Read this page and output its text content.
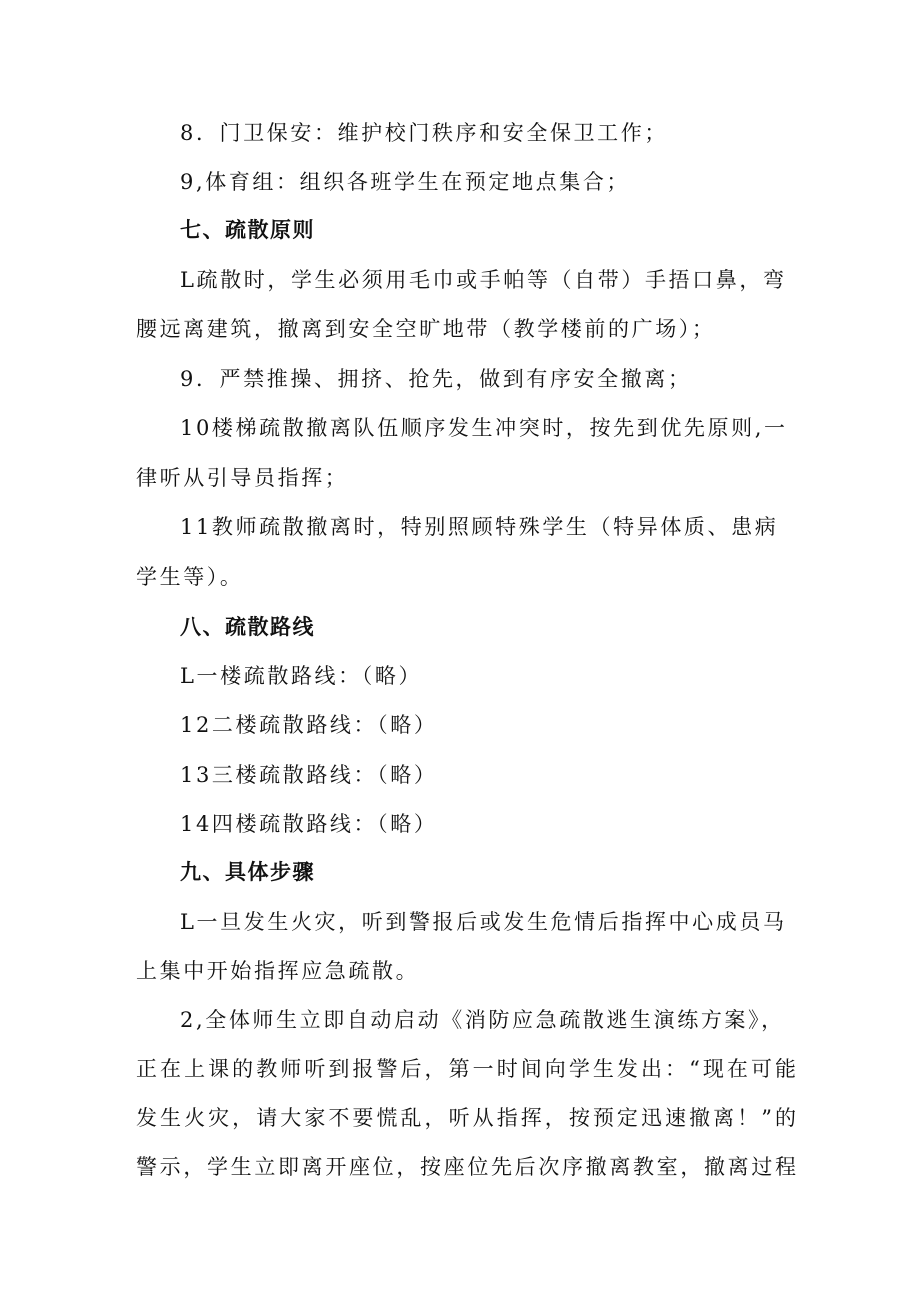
8．门卫保安：维护校门秩序和安全保卫工作；
9,体育组：组织各班学生在预定地点集合；
七、疏散原则
L疏散时，学生必须用毛巾或手帕等（自带）手捂口鼻，弯
腰远离建筑，撤离到安全空旷地带（教学楼前的广场）；
9．严禁推操、拥挤、抢先，做到有序安全撤离；
10楼梯疏散撤离队伍顺序发生冲突时，按先到优先原则,一
律听从引导员指挥；
11教师疏散撤离时，特别照顾特殊学生（特异体质、患病
学生等）。
八、疏散路线
L一楼疏散路线：（略）
12二楼疏散路线：（略）
13三楼疏散路线：（略）
14四楼疏散路线：（略）
九、具体步骤
L一旦发生火灾，听到警报后或发生危情后指挥中心成员马
上集中开始指挥应急疏散。
2,全体师生立即自动启动《消防应急疏散逃生演练方案》，
正在上课的教师听到报警后，第一时间向学生发出：“现在可能
发生火灾，请大家不要慌乱，听从指挥，按预定迅速撤离！”的
警示，学生立即离开座位，按座位先后次序撤离教室，撤离过程
